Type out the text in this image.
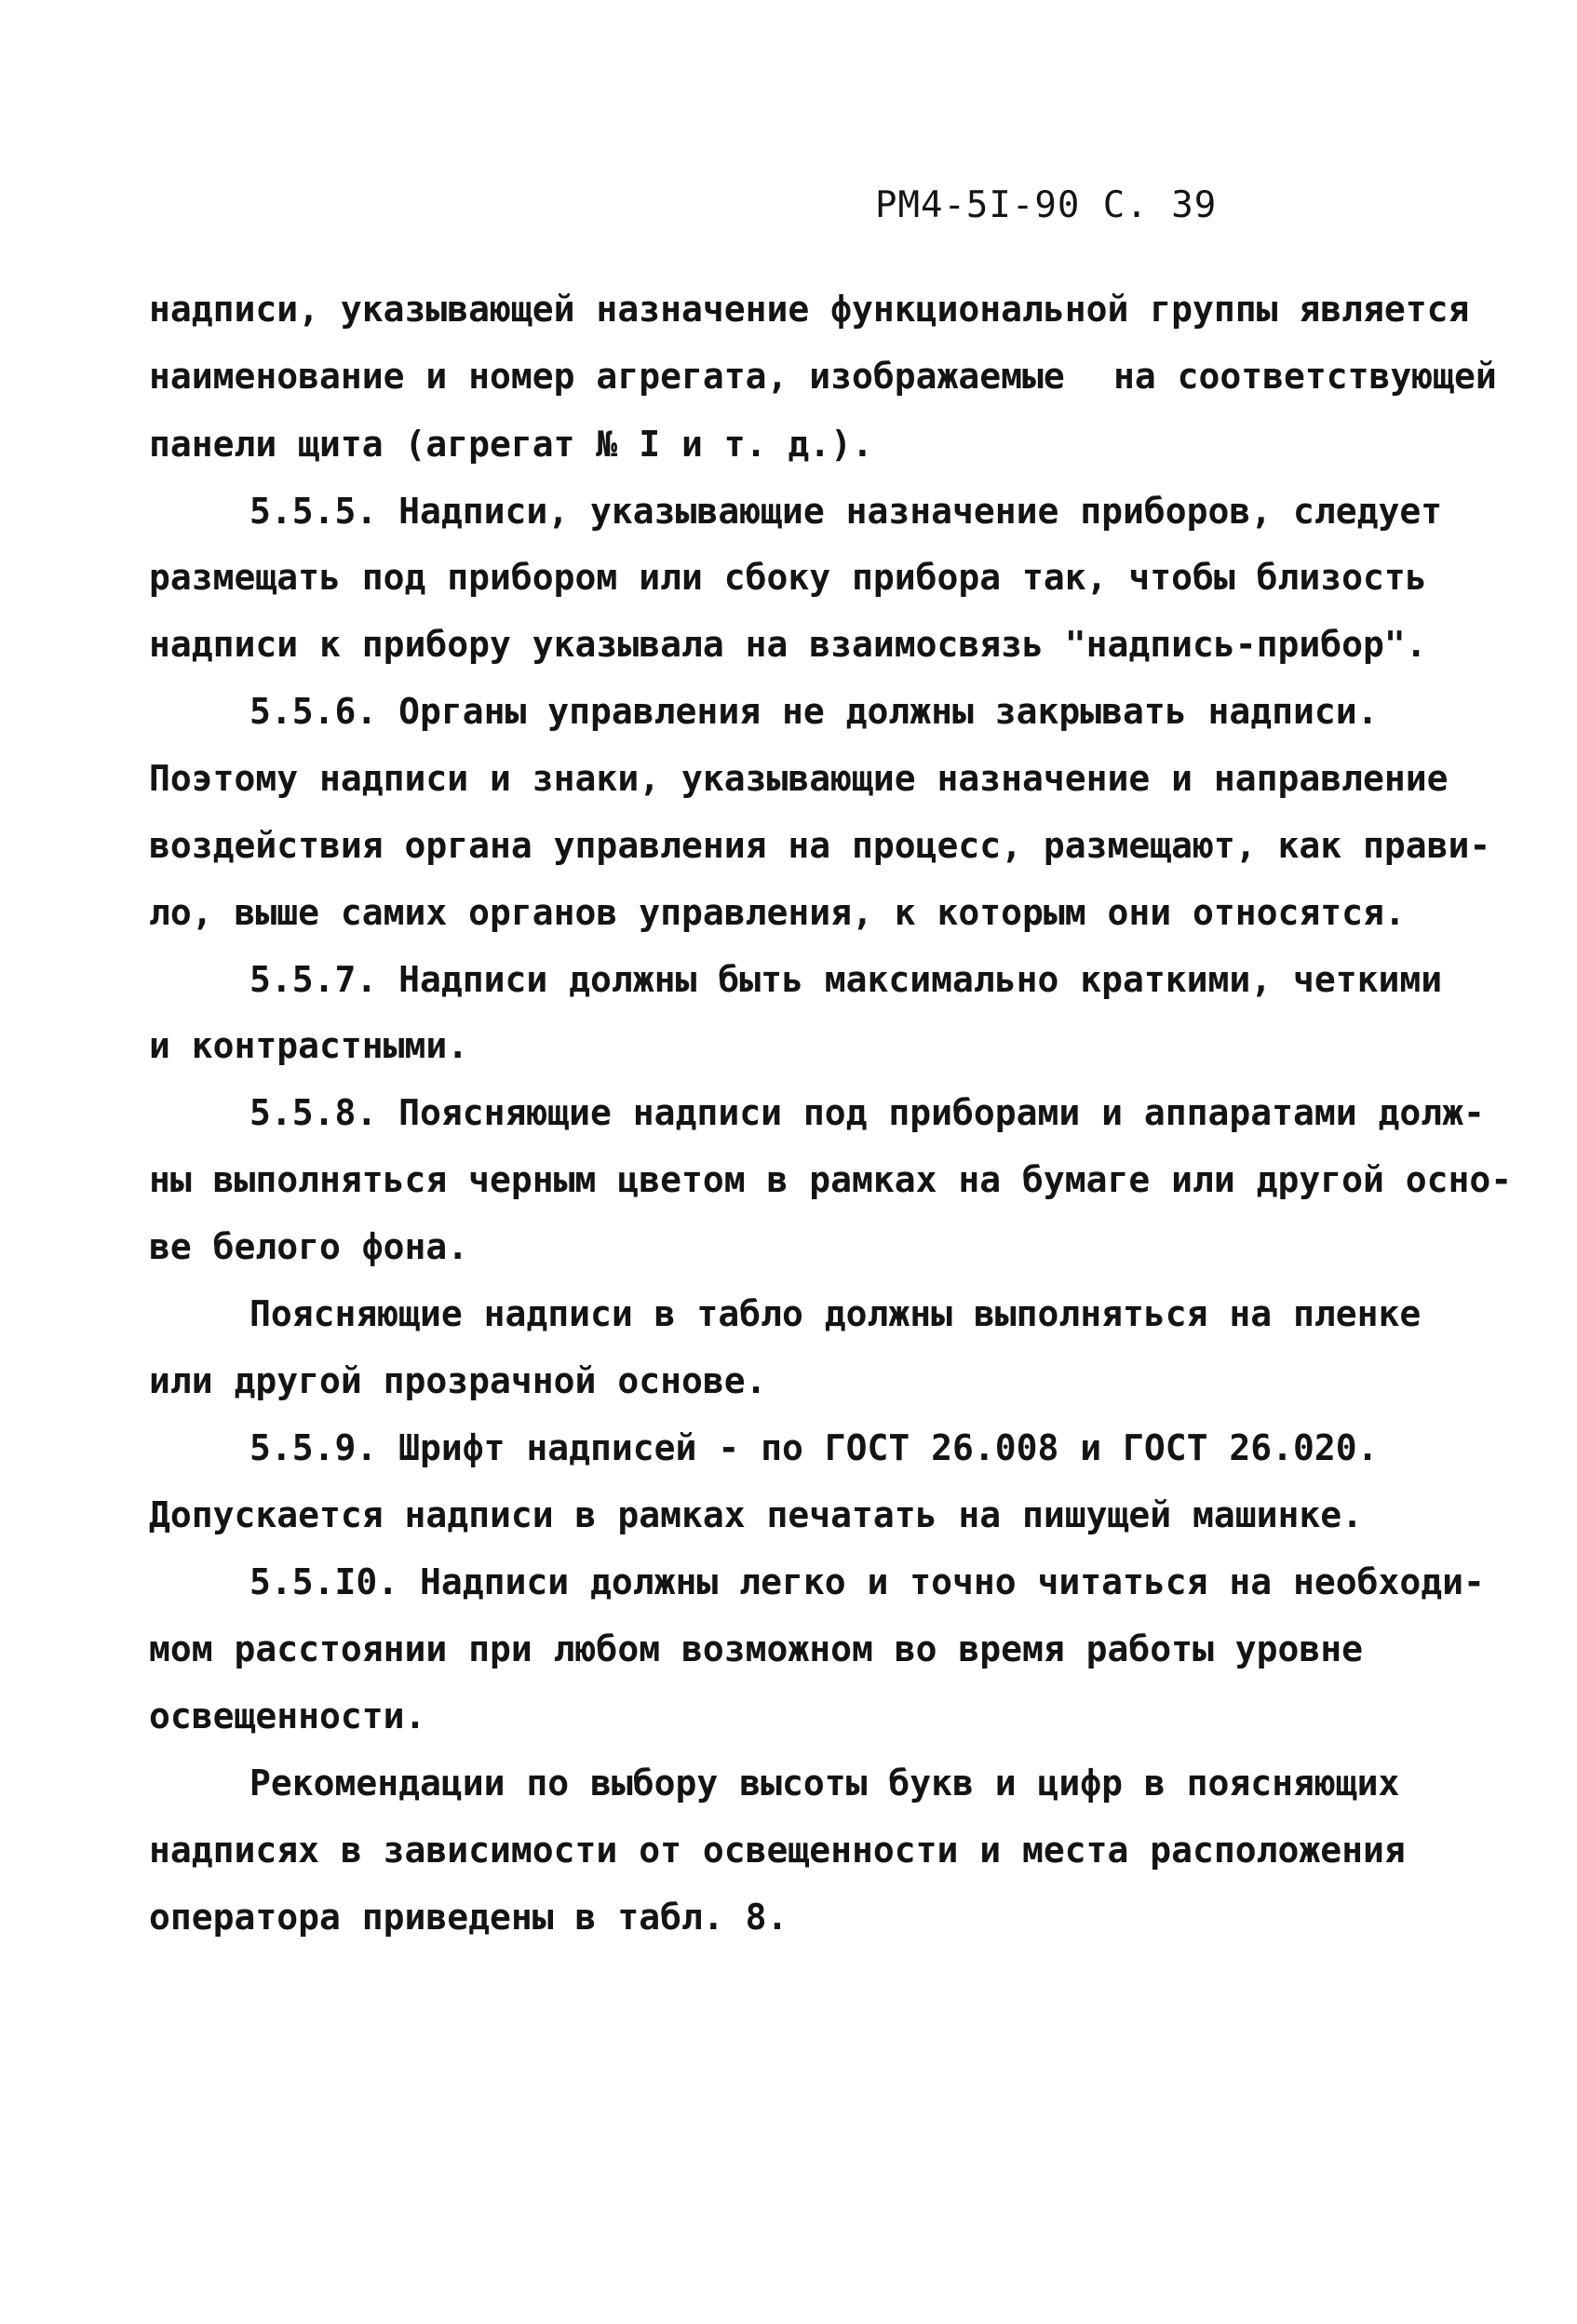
РМ4-5I-90 С. 39
надписи, указывающей назначение функциональной группы является
наименование и номер агрегата, изображаемые на соответствующей
панели щита (агрегат № I и т. д.).
5.5.5. Надписи, указывающие назначение приборов, следует
размещать под прибором или сбоку прибора так, чтобы близость
надписи к прибору указывала на взаимосвязь "надпись-прибор".
5.5.6. Органы управления не должны закрывать надписи.
Поэтому надписи и знаки, указывающие назначение и направление
воздействия органа управления на процесс, размещают, как прави-
ло, выше самих органов управления, к которым они относятся.
5.5.7. Надписи должны быть максимально краткими, четкими
и контрастными.
5.5.8. Поясняющие надписи под приборами и аппаратами долж-
ны выполняться черным цветом в рамках на бумаге или другой осно-
ве белого фона.
Поясняющие надписи в табло должны выполняться на пленке
или другой прозрачной основе.
5.5.9. Шрифт надписей - по ГОСТ 26.008 и ГОСТ 26.020.
Допускается надписи в рамках печатать на пишущей машинке.
5.5.I0. Надписи должны легко и точно читаться на необходи-
мом расстоянии при любом возможном во время работы уровне
освещенности.
Рекомендации по выбору высоты букв и цифр в поясняющих
надписях в зависимости от освещенности и места расположения
оператора приведены в табл. 8.
